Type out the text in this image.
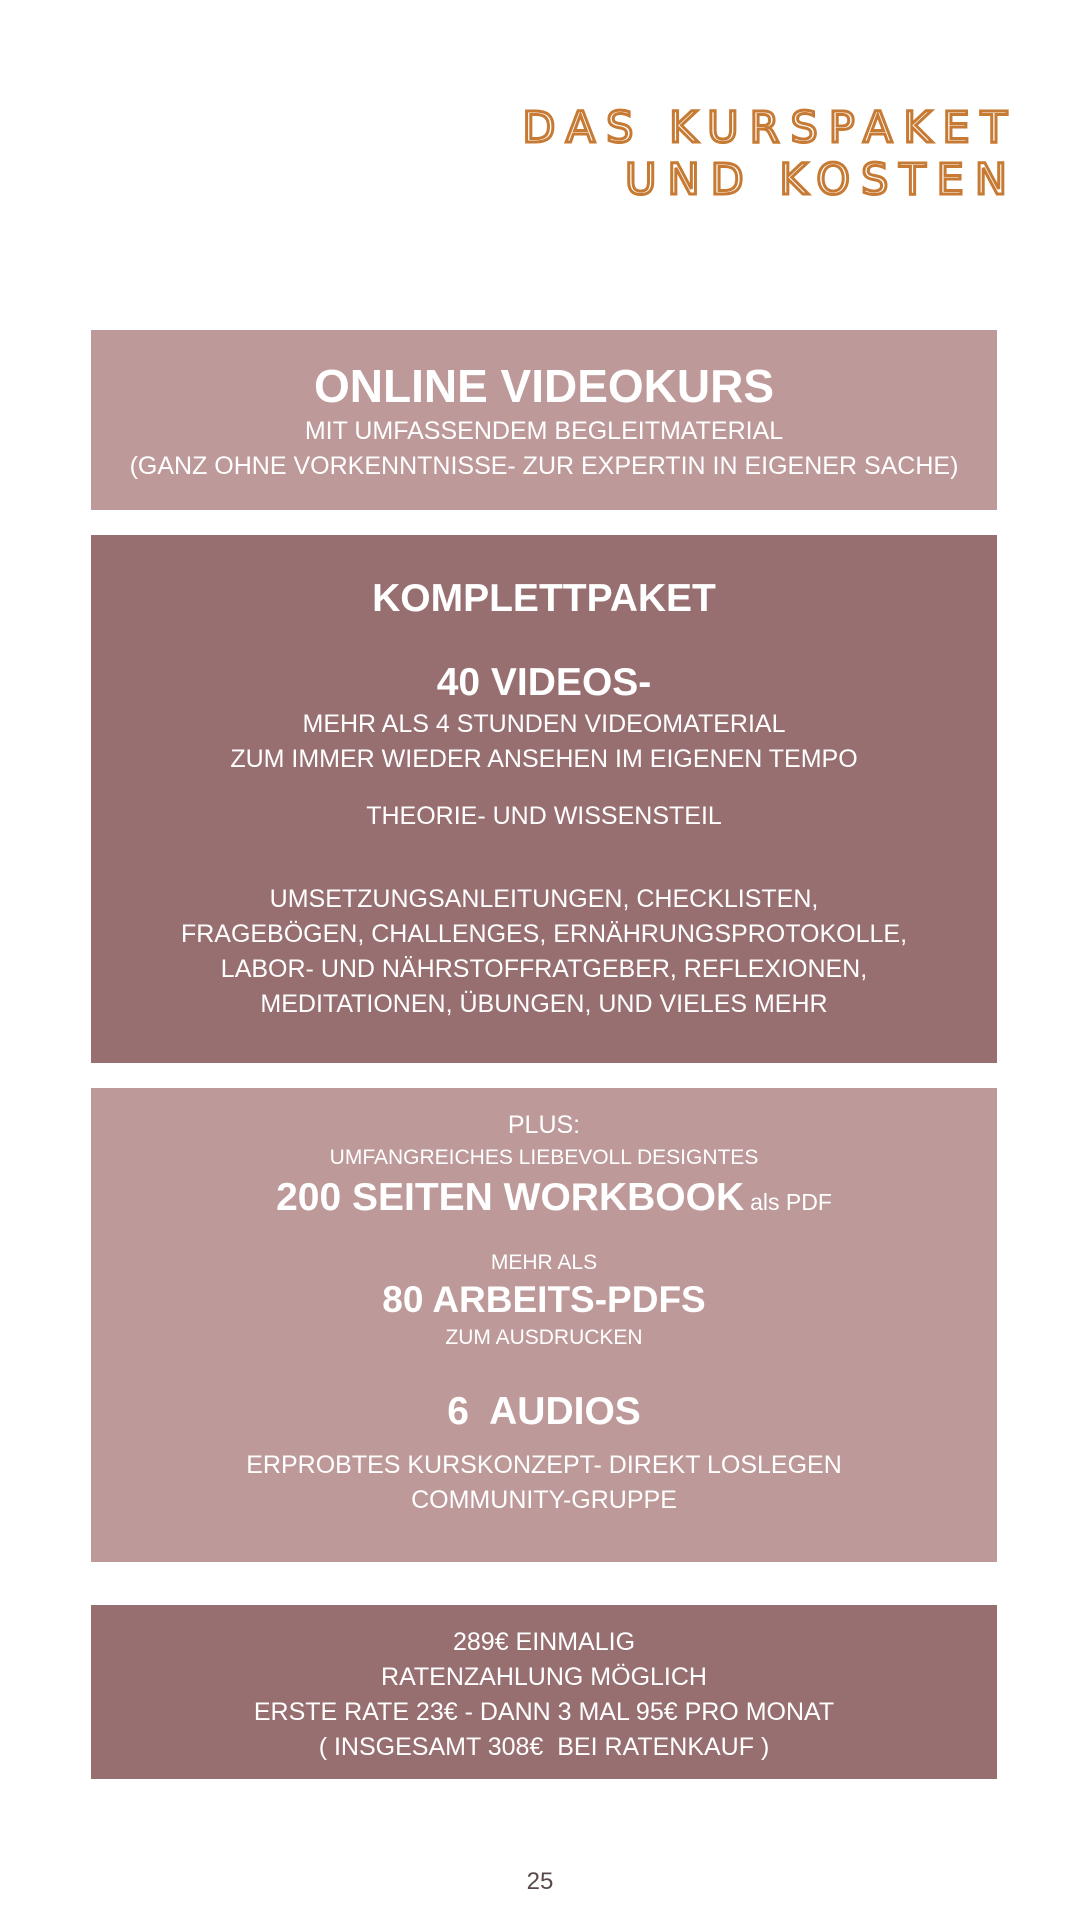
DAS KURSPAKET
UND KOSTEN
ONLINE VIDEOKURS
MIT UMFASSENDEM BEGLEITMATERIAL
(GANZ OHNE VORKENNTNISSE- ZUR EXPERTIN IN EIGENER SACHE)
KOMPLETTPAKET
40 VIDEOS-
MEHR ALS 4 STUNDEN VIDEOMATERIAL
ZUM IMMER WIEDER ANSEHEN IM EIGENEN TEMPO
THEORIE- UND WISSENSTEIL
UMSETZUNGSANLEITUNGEN, CHECKLISTEN,
FRAGEBÖGEN, CHALLENGES, ERNÄHRUNGSPROTOKOLLE,
LABOR- UND NÄHRSTOFFRATGEBER, REFLEXIONEN,
MEDITATIONEN, ÜBUNGEN, UND VIELES MEHR
PLUS:
UMFANGREICHES LIEBEVOLL DESIGNTES
200 SEITEN WORKBOOK als PDF
MEHR ALS
80 ARBEITS-PDFS
ZUM AUSDRUCKEN
6  AUDIOS
ERPROBTES KURSKONZEPT- DIREKT LOSLEGEN
COMMUNITY-GRUPPE
289€ EINMALIG
RATENZAHLUNG MÖGLICH
ERSTE RATE 23€ - DANN 3 MAL 95€ PRO MONAT
( INSGESAMT 308€  BEI RATENKAUF )
25
